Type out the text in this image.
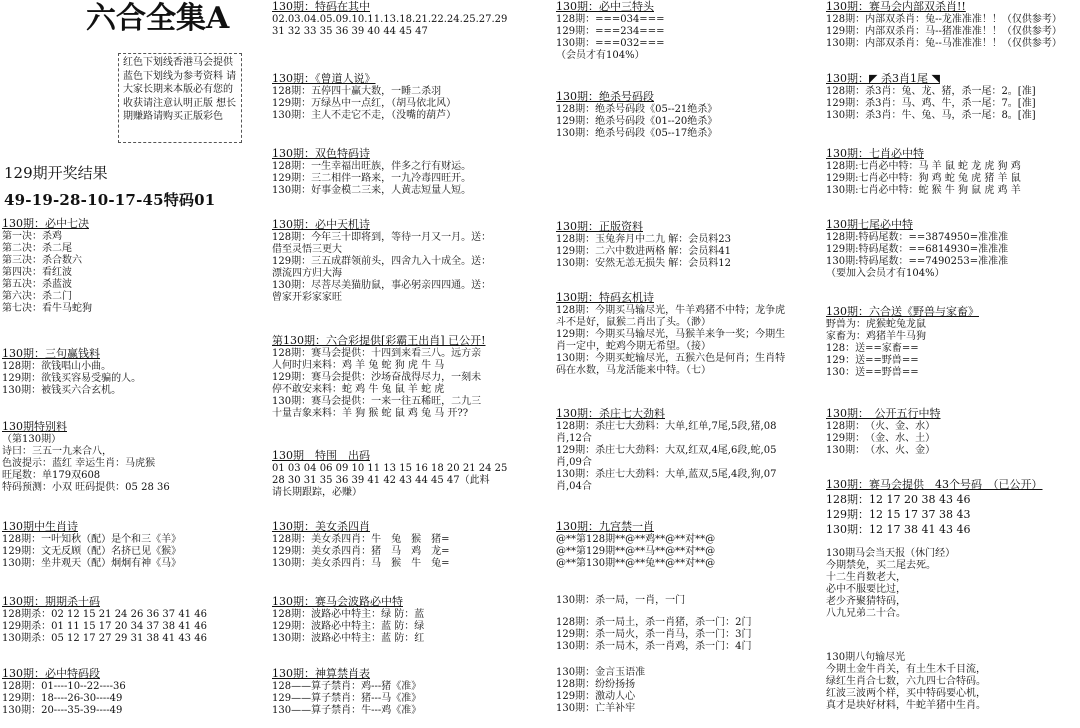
六合全集A
红色下划线香港马会提供 蓝色下划线为参考资料 请大家长期来本版必有您的收获请注意认明正版 想长期赚路请购买正版彩色
129期开奖结果
49-19-28-10-17-45特码01
130期：必中七决
第一决：杀鸡
第二决：杀二尾
第三决：杀合数六
第四决：看红波
第五决：杀蓝波
第六决：杀二门
第七决：看牛马蛇狗
130期：三句赢钱料
128期：欲钱唱山小曲。
129期：欲钱买容易受骗的人。
130期：被钱买六合玄机。
130期特别料
（第130期）
诗曰：三五一九来合八，
色波提示：蓝红 幸运生肖：马虎猴
旺尾数：单179双608
特码预测：小双 旺码提供：05 28 36
130期中生肖诗
128期：一叶知秋（配）是个和三《羊》
129期：文无反顾（配）名挤已见《猴》
130期：坐井观天（配）炯炯有神《马》
130期：期期杀十码
128期杀：02 12 15 21 24 26 36 37 41 46
129期杀：01 11 15 17 20 34 37 38 41 46
130期杀：05 12 17 27 29 31 38 41 43 46
130期：必中特码段
128期：01----10--22----36
129期：18----26-30----49
130期：20----35-39----49
130期：特码在其中
02.03.04.05.09.10.11.13.18.21.22.24.25.27.29
31 32 33 35 36 39 40 44 45 47
130期：《曾道人说》
128期：五停四十赢大数，一睡二杀羽
129期：万绿丛中一点红，（胡马依北风）
130期：主人不走它不走，（没嘴的葫芦）
130期：双色特码诗
128期：一生幸福出旺族，伴多之行有财运。
129期：三二相伴一路来，一九冷毒四旺开。
130期：好事金模二三来，人黄志短量人短。
130期：必中天机诗
128期：今年三十即将到，等待一月又一月。送：
借至灵悟三更大
129期：三五成群领前头，四舍九入十成全。送：
漂流四方归大海
130期：尽菩尽美猫肋鼠，事必躬亲四四通。送：
曾家开彩家家旺
第130期：六合彩提供[彩霸王出肖] 已公开!
128期：赛马会提供：十四到来看三八。远方亲
人何时归来料：鸡 羊 兔 蛇 狗 虎 牛 马
129期：赛马会提供：沙场奋战得尽力，一刻未
停不敢安来料：蛇 鸡 牛 兔 鼠 羊 蛇 虎
130期：赛马会提供：一来一往五稀旺，二九三
十量吉象来料：羊 狗 猴 蛇 鼠 鸡 兔 马 开??
130期　特围　出码
01 03 04 06 09 10 11 13 15 16 18 20 21 24 25
28 30 31 35 36 39 41 42 43 44 45 47（此料
请长期跟踪，必赚）
130期：美女杀四肖
128期：美女杀四肖：牛　兔　猴　猪=
129期：美女杀四肖：猪　马　鸡　龙=
130期：美女杀四肖：马　猴　牛　兔=
130期：赛马会波路必中特
128期：波路必中特主：绿 防：蓝
129期：波路必中特主：蓝 防：绿
130期：波路必中特主：蓝 防：红
130期：神算禁肖表
128——算子禁肖：鸡---猪《准》
129——算子禁肖：猪---马《准》
130——算子禁肖：牛---鸡《准》
130期：必中三特头
128期：===034===
129期：===234===
130期：===032===
（会员才有104%）
130期：绝杀号码段
128期：绝杀号码段《05--21绝杀》
129期：绝杀号码段《01--20绝杀》
130期：绝杀号码段《05--17绝杀》
130期：正版资料
128期：玉兔奔月中二九 解：会员料23
129期：二六中数进两格 解：会员料41
130期：安然无恙无损失 解：会员料12
130期：特码玄机诗
128期：今期买马输尽光，牛羊鸡猪不中特；龙争虎
斗不是好，鼠猴二肖出了头。（渺）
129期：今期买马输尽光，马猴羊来争一奖；今期生
肖一定中，蛇鸡今期无希望。（接）
130期：今期买蛇输尽光，五猴六色是何肖；生肖特
码在水数，马龙活能来中特。（七）
130期：杀庄七大劲料
128期：杀庄七大劲料：大单,红单,7尾,5段,猪,08
肖,12合
129期：杀庄七大劲料：大双,红双,4尾,6段,蛇,05
肖,09合
130期：杀庄七大劲料：大单,蓝双,5尾,4段,狗,07
肖,04合
130期：九宫禁一肖
@**第128期**@**鸡**@**对**@
@**第129期**@**马**@**对**@
@**第130期**@**兔**@**对**@
130期：杀一局，一肖，一门
128期：杀一局土，杀一肖猪，杀一门：2门
129期：杀一局火，杀一肖马，杀一门：3门
130期：杀一局木，杀一肖鸡，杀一门：4门
130期：金言玉语准
128期：纷纷扬扬
129期：激动人心
130期：亡羊补牢
130期：赛马会内部双杀肖!!
128期：内部双杀肖：兔--龙准准准！！（仅供参考）
129期：内部双杀肖：马--猪准准准！！（仅供参考）
130期：内部双杀肖：兔--马准准准！！（仅供参考）
130期：◤ 杀3肖1尾 ◥
128期：杀3肖：兔、龙、猪，杀一尾：2。[准]
129期：杀3肖：马、鸡、牛，杀一尾：7。[准]
130期：杀3肖：牛、兔、马，杀一尾：8。[准]
130期：七肖必中特
128期:七肖必中特：马 羊 鼠 蛇 龙 虎 狗 鸡
129期:七肖必中特：狗 鸡 蛇 兔 虎 猪 羊 鼠
130期:七肖必中特：蛇 猴 牛 狗 鼠 虎 鸡 羊
130期七尾必中特
128期:特码尾数：==3874950=准准准
129期:特码尾数：==6814930=准准准
130期:特码尾数：==7490253=准准准
（要加入会员才有104%）
130期：六合送《野兽与家畜》
野兽为：虎猴蛇兔龙鼠
家畜为：鸡猪羊牛马狗
128：送==家畜==
129：送==野兽==
130：送==野兽==
130期：　公开五行中特
128期：　（火、金、水）
129期：　（金、水、土）
130期：　（水、火、金）
130期：赛马会提供　43个号码　（已公开）
128期：12 17 20 38 43 46
129期：12 15 17 37 38 43
130期：12 17 38 41 43 46
130期马会当天报（休门经）
今期禁免，买二尾去死。
十二生肖数老大，
必中不服要比过，
老少齐聚猜特码，
八九兄弟二十合。
130期八句输尽光
今期土金牛肖关，有土生木千目流，
绿红生肖合七数，六九四七合特码。
红波三波两个样，买中特码要心机，
真才是块好材料，牛蛇羊猪中生肖。
